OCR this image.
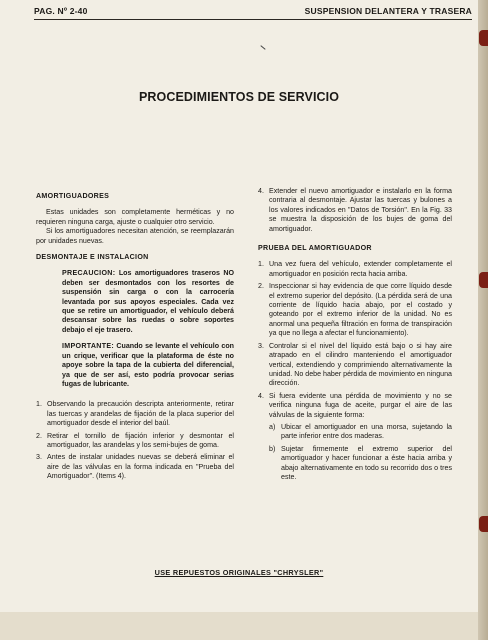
PAG. Nº 2-40	SUSPENSION DELANTERA Y TRASERA
PROCEDIMIENTOS DE SERVICIO

AMORTIGUADORES

Estas unidades son completamente herméticas y no requieren ninguna carga, ajuste o cualquier otro servicio.

Si los amortiguadores necesitan atención, se reemplazarán por unidades nuevas.

DESMONTAJE E INSTALACION

PRECAUCION: Los amortiguadores traseros NO deben ser desmontados con los resortes de suspensión sin carga o con la carrocería levantada por sus apoyos especiales. Cada vez que se retire un amortiguador, el vehículo deberá descansar sobre las ruedas o sobre soportes debajo el eje trasero.

IMPORTANTE: Cuando se levante el vehículo con un crique, verificar que la plataforma de éste no apoye sobre la tapa de la cubierta del diferencial, ya que de ser así, esto podría provocar serias fugas de lubricante.

1. Observando la precaución descripta anteriormente, retirar las tuercas y arandelas de fijación de la placa superior del amortiguador desde el interior del baúl.
2. Retirar el tornillo de fijación inferior y desmontar el amortiguador, las arandelas y los semi-bujes de goma.
3. Antes de instalar unidades nuevas se deberá eliminar el aire de las válvulas en la forma indicada en "Prueba del Amortiguador". (Items 4).
4. Extender el nuevo amortiguador e instalarlo en la forma contraria al desmontaje. Ajustar las tuercas y bulones a los valores indicados en "Datos de Torsión". En la Fig. 33 se muestra la disposición de los bujes de goma del amortiguador.

PRUEBA DEL AMORTIGUADOR

1. Una vez fuera del vehículo, extender completamente el amortiguador en posición recta hacia arriba.
2. Inspeccionar si hay evidencia de que corre líquido desde el extremo superior del depósito. (La pérdida será de una corriente de líquido hacia abajo, por el costado y goteando por el extremo inferior de la unidad. No es anormal una pequeña filtración en forma de transpiración ya que no llega a afectar el funcionamiento).
3. Controlar si el nivel del líquido está bajo o si hay aire atrapado en el cilindro manteniendo el amortiguador vertical, extendiendo y comprimiendo alternativamente la unidad. No debe haber pérdida de movimiento en ninguna dirección.
4. Si fuera evidente una pérdida de movimiento y no se verifica ninguna fuga de aceite, purgar el aire de las válvulas de la siguiente forma:
a) Ubicar el amortiguador en una morsa, sujetando la parte inferior entre dos maderas.
b) Sujetar firmemente el extremo superior del amortiguador y hacer funcionar a éste hacia arriba y abajo alternativamente en todo su recorrido dos o tres este.
USE REPUESTOS ORIGINALES "CHRYSLER"
